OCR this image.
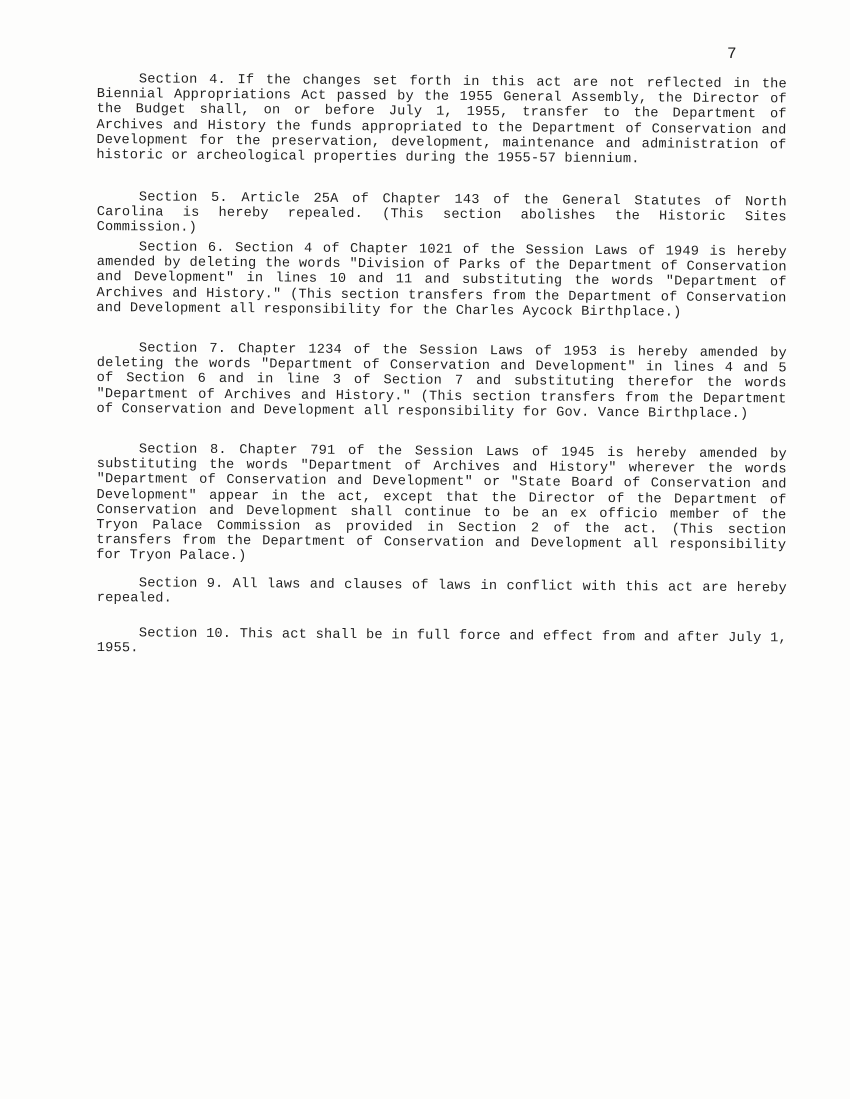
7
Section 4. If the changes set forth in this act are not reflected in the Biennial Appropriations Act passed by the 1955 General Assembly, the Director of the Budget shall, on or before July 1, 1955, transfer to the Department of Archives and History the funds appropriated to the Department of Conservation and Development for the preservation, development, maintenance and administration of historic or archeological properties during the 1955-57 biennium.
Section 5. Article 25A of Chapter 143 of the General Statutes of North Carolina is hereby repealed. (This section abolishes the Historic Sites Commission.)
Section 6. Section 4 of Chapter 1021 of the Session Laws of 1949 is hereby amended by deleting the words "Division of Parks of the Department of Conservation and Development" in lines 10 and 11 and substituting the words "Department of Archives and History." (This section transfers from the Department of Conservation and Development all responsibility for the Charles Aycock Birthplace.)
Section 7. Chapter 1234 of the Session Laws of 1953 is hereby amended by deleting the words "Department of Conservation and Development" in lines 4 and 5 of Section 6 and in line 3 of Section 7 and substituting therefor the words "Department of Archives and History." (This section transfers from the Department of Conservation and Development all responsibility for Gov. Vance Birthplace.)
Section 8. Chapter 791 of the Session Laws of 1945 is hereby amended by substituting the words "Department of Archives and History" wherever the words "Department of Conservation and Development" or "State Board of Conservation and Development" appear in the act, except that the Director of the Department of Conservation and Development shall continue to be an ex officio member of the Tryon Palace Commission as provided in Section 2 of the act. (This section transfers from the Department of Conservation and Development all responsibility for Tryon Palace.)
Section 9. All laws and clauses of laws in conflict with this act are hereby repealed.
Section 10. This act shall be in full force and effect from and after July 1, 1955.
